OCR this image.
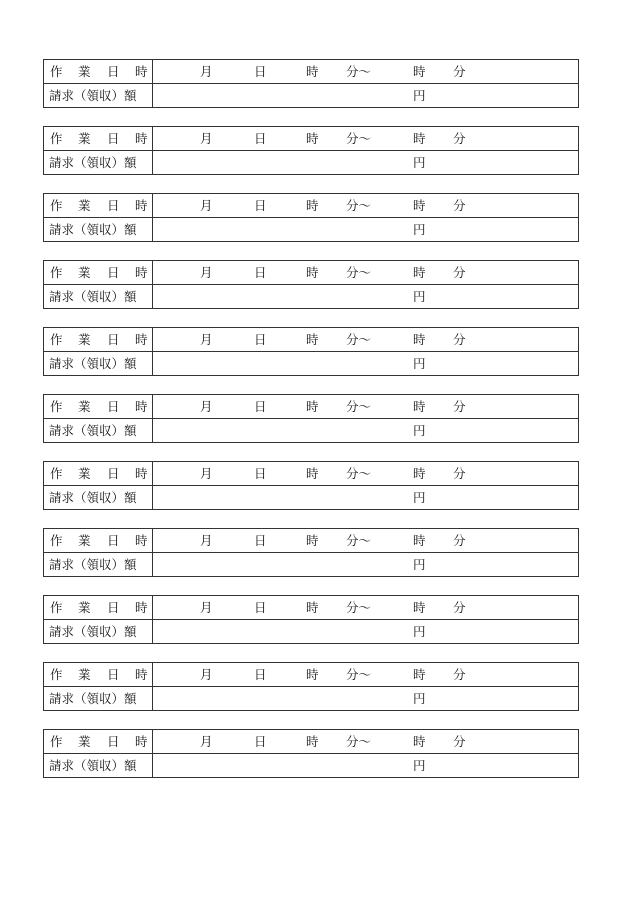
作 業 日 時	月	日	時 分〜	時 分
請求（領収）額	円
作 業 日 時	月	日	時 分〜	時 分
請求（領収）額	円
作 業 日 時	月	日	時 分〜	時 分
請求（領収）額	円
作 業 日 時	月	日	時 分〜	時 分
請求（領収）額	円
作 業 日 時	月	日	時 分〜	時 分
請求（領収）額	円
作 業 日 時	月	日	時 分〜	時 分
請求（領収）額	円
作 業 日 時	月	日	時 分〜	時 分
請求（領収）額	円
作 業 日 時	月	日	時 分〜	時 分
請求（領収）額	円
作 業 日 時	月	日	時 分〜	時 分
請求（領収）額	円
作 業 日 時	月	日	時 分〜	時 分
請求（領収）額	円
作 業 日 時	月	日	時 分〜	時 分
請求（領収）額	円
